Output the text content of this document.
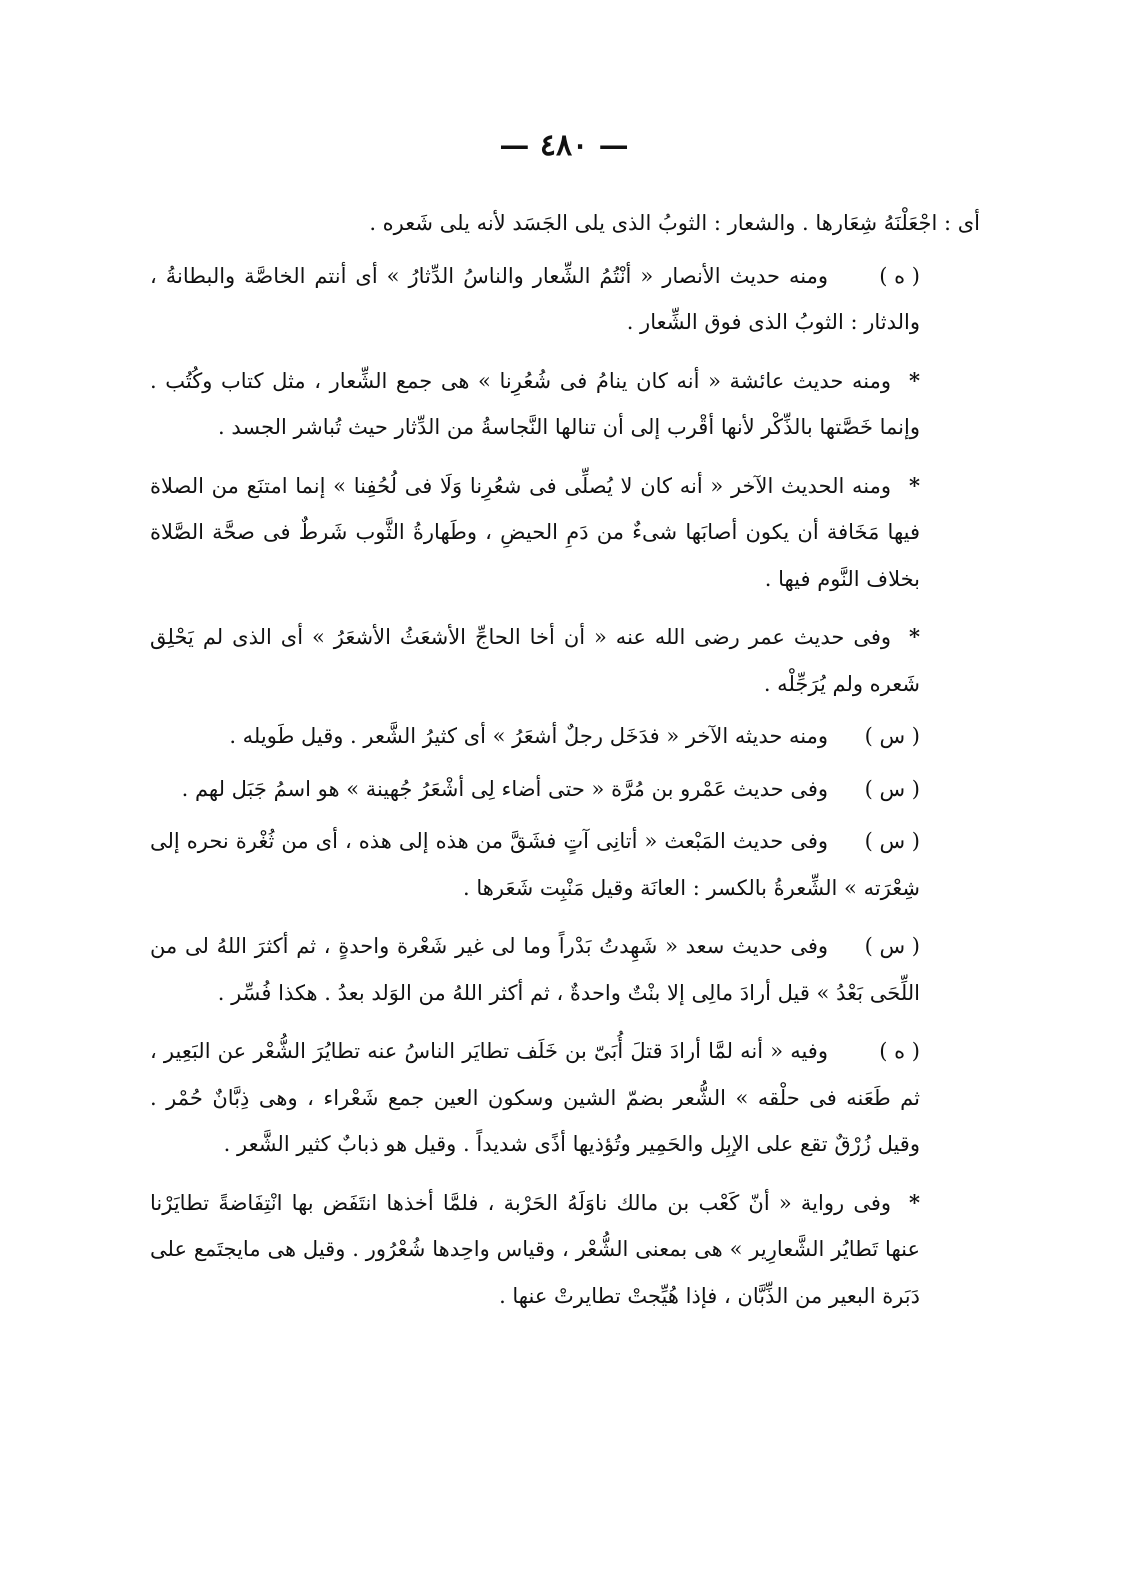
— ٤٨٠ —

أى : اجْعَلْنَهُ شِعَارها . والشعار : الثوبُ الذى يلى الجَسَد لأنه يلى شَعره .

( ه )ومنه حديث الأنصار « أنْتُمُ الشِّعار والناسُ الدِّثارُ » أى أنتم الخاصَّة والبطانةُ ، والدثار : الثوبُ الذى فوق الشِّعار .

*ومنه حديث عائشة « أنه كان ينامُ فى شُعُرِنا » هى جمع الشِّعار ، مثل كتاب وكُتُب . وإنما خَصَّتها بالذِّكْر لأنها أقْرب إلى أن تنالها النَّجاسةُ من الدِّثار حيث تُباشر الجسد .

*ومنه الحديث الآخر « أنه كان لا يُصلِّى فى شعُرِنا وَلَا فى لُحُفِنا » إنما امتنَع من الصلاة فيها مَخَافة أن يكون أصابَها شىءٌ من دَمِ الحيضِ ، وطَهارةُ الثَّوب شَرطٌ فى صحَّة الصَّلاة بخلاف النَّوم فيها .

*وفى حديث عمر رضى الله عنه « أن أخا الحاجِّ الأشعَثُ الأشعَرُ » أى الذى لم يَحْلِق شَعره ولم يُرَجِّلْه .

( س )ومنه حديثه الآخر « فدَخَل رجلٌ أشعَرُ » أى كثيرُ الشَّعر . وقيل طَويله .

( س )وفى حديث عَمْرو بن مُرَّة « حتى أضاء لِى أشْعَرُ جُهينة » هو اسمُ جَبَل لهم .

( س )وفى حديث المَبْعث « أتانِى آتٍ فشَقَّ من هذه إلى هذه ، أى من ثُغْرة نحره إلى شِعْرَته » الشِّعرةُ بالكسر : العانَة وقيل مَنْبِت شَعَرها .

( س )وفى حديث سعد « شَهِدتُ بَدْراً وما لى غير شَعْرة واحدةٍ ، ثم أكثرَ اللهُ لى من اللِّحَى بَعْدُ » قيل أرادَ مالِى إلا بنْتٌ واحدةٌ ، ثم أكثر اللهُ من الوَلد بعدُ . هكذا فُسِّر .

( ه )وفيه « أنه لمَّا أرادَ قتلَ أُبَىّ بن خَلَف تطايَر الناسُ عنه تطايُرَ الشُّعْر عن البَعِير ، ثم طَعَنه فى حلْقه » الشُّعر بضمّ الشين وسكون العين جمع شَعْراء ، وهى ذِبَّانٌ حُمْر . وقيل زُرْقٌ تقع على الإبِل والحَمِير وتُؤذيها أذًى شديداً . وقيل هو ذبابٌ كثير الشَّعر .

*وفى رواية « أنّ كَعْب بن مالك ناوَلَهُ الحَرْبة ، فلمَّا أخذها انتَفَض بها انْتِفَاضةً تطايَرْنا عنها تَطايُر الشَّعارِير » هى بمعنى الشُّعْر ، وقياس واحِدها شُعْرُور . وقيل هى مايجتَمع على دَبَرة البعير من الذِّبَّان ، فإذا هُيِّجتْ تطايرتْ عنها .
